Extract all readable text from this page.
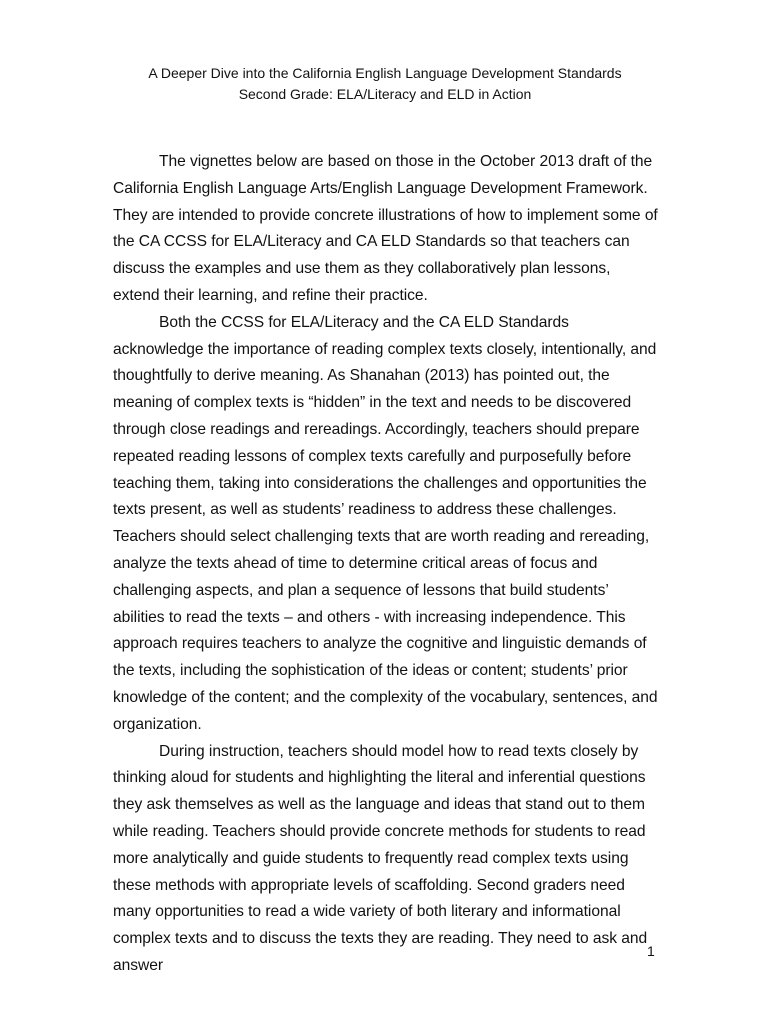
A Deeper Dive into the California English Language Development Standards
Second Grade: ELA/Literacy and ELD in Action

The vignettes below are based on those in the October 2013 draft of the California English Language Arts/English Language Development Framework. They are intended to provide concrete illustrations of how to implement some of the CA CCSS for ELA/Literacy and CA ELD Standards so that teachers can discuss the examples and use them as they collaboratively plan lessons, extend their learning, and refine their practice.

Both the CCSS for ELA/Literacy and the CA ELD Standards acknowledge the importance of reading complex texts closely, intentionally, and thoughtfully to derive meaning. As Shanahan (2013) has pointed out, the meaning of complex texts is “hidden” in the text and needs to be discovered through close readings and rereadings. Accordingly, teachers should prepare repeated reading lessons of complex texts carefully and purposefully before teaching them, taking into considerations the challenges and opportunities the texts present, as well as students’ readiness to address these challenges. Teachers should select challenging texts that are worth reading and rereading, analyze the texts ahead of time to determine critical areas of focus and challenging aspects, and plan a sequence of lessons that build students’ abilities to read the texts – and others - with increasing independence. This approach requires teachers to analyze the cognitive and linguistic demands of the texts, including the sophistication of the ideas or content; students’ prior knowledge of the content; and the complexity of the vocabulary, sentences, and organization.

During instruction, teachers should model how to read texts closely by thinking aloud for students and highlighting the literal and inferential questions they ask themselves as well as the language and ideas that stand out to them while reading. Teachers should provide concrete methods for students to read more analytically and guide students to frequently read complex texts using these methods with appropriate levels of scaffolding. Second graders need many opportunities to read a wide variety of both literary and informational complex texts and to discuss the texts they are reading. They need to ask and answer

1
